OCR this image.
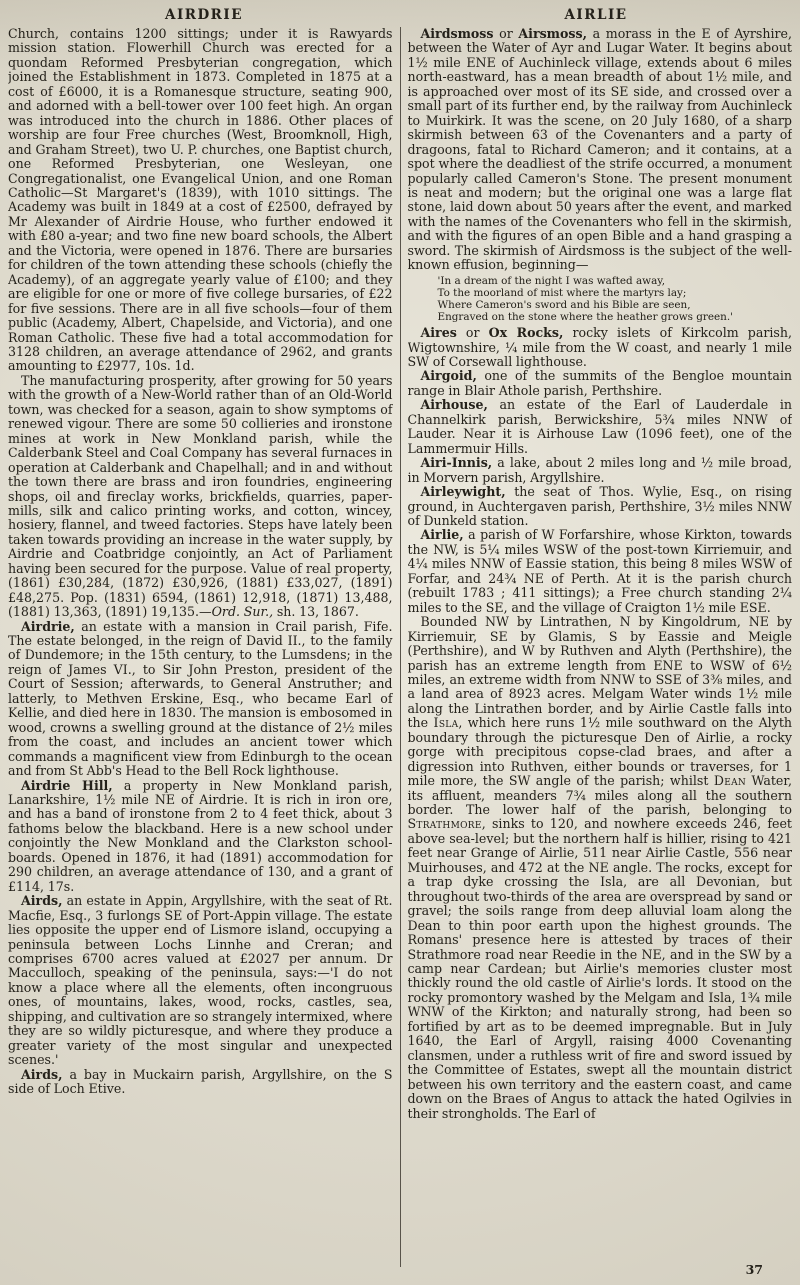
AIRDRIE	AIRLIE

Church, contains 1200 sittings; under it is Rawyards mission station. Flowerhill Church was erected for a quondam Reformed Presbyterian congregation, which joined the Establishment in 1873. Completed in 1875 at a cost of £6000, it is a Romanesque structure, seating 900, and adorned with a bell-tower over 100 feet high. An organ was introduced into the church in 1886. Other places of worship are four Free churches (West, Broomknoll, High, and Graham Street), two U. P. churches, one Baptist church, one Reformed Presbyterian, one Wesleyan, one Congregationalist, one Evangelical Union, and one Roman Catholic—St Margaret's (1839), with 1010 sittings. The Academy was built in 1849 at a cost of £2500, defrayed by Mr Alexander of Airdrie House, who further endowed it with £80 a-year; and two fine new board schools, the Albert and the Victoria, were opened in 1876. There are bursaries for children of the town attending these schools (chiefly the Academy), of an aggregate yearly value of £100; and they are eligible for one or more of five college bursaries, of £22 for five sessions. There are in all five schools—four of them public (Academy, Albert, Chapelside, and Victoria), and one Roman Catholic. These five had a total accommodation for 3128 children, an average attendance of 2962, and grants amounting to £2977, 10s. 1d.

The manufacturing prosperity, after growing for 50 years with the growth of a New-World rather than of an Old-World town, was checked for a season, again to show symptoms of renewed vigour. There are some 50 collieries and ironstone mines at work in New Monkland parish, while the Calderbank Steel and Coal Company has several furnaces in operation at Calderbank and Chapelhall; and in and without the town there are brass and iron foundries, engineering shops, oil and fireclay works, brickfields, quarries, paper-mills, silk and calico printing works, and cotton, wincey, hosiery, flannel, and tweed factories. Steps have lately been taken towards providing an increase in the water supply, by Airdrie and Coatbridge conjointly, an Act of Parliament having been secured for the purpose. Value of real property, (1861) £30,284, (1872) £30,926, (1881) £33,027, (1891) £48,275. Pop. (1831) 6594, (1861) 12,918, (1871) 13,488, (1881) 13,363, (1891) 19,135.—Ord. Sur., sh. 13, 1867.

Airdrie, an estate with a mansion in Crail parish, Fife. The estate belonged, in the reign of David II., to the family of Dundemore; in the 15th century, to the Lumsdens; in the reign of James VI., to Sir John Preston, president of the Court of Session; afterwards, to General Anstruther; and latterly, to Methven Erskine, Esq., who became Earl of Kellie, and died here in 1830. The mansion is embosomed in wood, crowns a swelling ground at the distance of 2½ miles from the coast, and includes an ancient tower which commands a magnificent view from Edinburgh to the ocean and from St Abb's Head to the Bell Rock lighthouse.

Airdrie Hill, a property in New Monkland parish, Lanarkshire, 1½ mile NE of Airdrie. It is rich in iron ore, and has a band of ironstone from 2 to 4 feet thick, about 3 fathoms below the blackband. Here is a new school under conjointly the New Monkland and the Clarkston school-boards. Opened in 1876, it had (1891) accommodation for 290 children, an average attendance of 130, and a grant of £114, 17s.

Airds, an estate in Appin, Argyllshire, with the seat of Rt. Macfie, Esq., 3 furlongs SE of Port-Appin village. The estate lies opposite the upper end of Lismore island, occupying a peninsula between Lochs Linnhe and Creran; and comprises 6700 acres valued at £2027 per annum. Dr Macculloch, speaking of the peninsula, says:—'I do not know a place where all the elements, often incongruous ones, of mountains, lakes, wood, rocks, castles, sea, shipping, and cultivation are so strangely intermixed, where they are so wildly picturesque, and where they produce a greater variety of the most singular and unexpected scenes.'

Airds, a bay in Muckairn parish, Argyllshire, on the S side of Loch Etive.

Airdsmoss or Airsmoss, a morass in the E of Ayrshire, between the Water of Ayr and Lugar Water. It begins about 1½ mile ENE of Auchinleck village, extends about 6 miles north-eastward, has a mean breadth of about 1½ mile, and is approached over most of its SE side, and crossed over a small part of its further end, by the railway from Auchinleck to Muirkirk. It was the scene, on 20 July 1680, of a sharp skirmish between 63 of the Covenanters and a party of dragoons, fatal to Richard Cameron; and it contains, at a spot where the deadliest of the strife occurred, a monument popularly called Cameron's Stone. The present monument is neat and modern; but the original one was a large flat stone, laid down about 50 years after the event, and marked with the names of the Covenanters who fell in the skirmish, and with the figures of an open Bible and a hand grasping a sword. The skirmish of Airdsmoss is the subject of the well-known effusion, beginning—

'In a dream of the night I was wafted away,
To the moorland of mist where the martyrs lay;
Where Cameron's sword and his Bible are seen,
Engraved on the stone where the heather grows green.'

Aires or Ox Rocks, rocky islets of Kirkcolm parish, Wigtownshire, ¼ mile from the W coast, and nearly 1 mile SW of Corsewall lighthouse.

Airgoid, one of the summits of the Bengloe mountain range in Blair Athole parish, Perthshire.

Airhouse, an estate of the Earl of Lauderdale in Channelkirk parish, Berwickshire, 5¾ miles NNW of Lauder. Near it is Airhouse Law (1096 feet), one of the Lammermuir Hills.

Airi-Innis, a lake, about 2 miles long and ½ mile broad, in Morvern parish, Argyllshire.

Airleywight, the seat of Thos. Wylie, Esq., on rising ground, in Auchtergaven parish, Perthshire, 3½ miles NNW of Dunkeld station.

Airlie, a parish of W Forfarshire, whose Kirkton, towards the NW, is 5¼ miles WSW of the post-town Kirriemuir, and 4¼ miles NNW of Eassie station, this being 8 miles WSW of Forfar, and 24¾ NE of Perth. At it is the parish church (rebuilt 1783 ; 411 sittings); a Free church standing 2¼ miles to the SE, and the village of Craigton 1½ mile ESE.

Bounded NW by Lintrathen, N by Kingoldrum, NE by Kirriemuir, SE by Glamis, S by Eassie and Meigle (Perthshire), and W by Ruthven and Alyth (Perthshire), the parish has an extreme length from ENE to WSW of 6½ miles, an extreme width from NNW to SSE of 3⅜ miles, and a land area of 8923 acres. Melgam Water winds 1½ mile along the Lintrathen border, and by Airlie Castle falls into the Isla, which here runs 1½ mile southward on the Alyth boundary through the picturesque Den of Airlie, a rocky gorge with precipitous copse-clad braes, and after a digression into Ruthven, either bounds or traverses, for 1 mile more, the SW angle of the parish; whilst Dean Water, its affluent, meanders 7¾ miles along all the southern border. The lower half of the parish, belonging to Strathmore, sinks to 120, and nowhere exceeds 246, feet above sea-level; but the northern half is hillier, rising to 421 feet near Grange of Airlie, 511 near Airlie Castle, 556 near Muirhouses, and 472 at the NE angle. The rocks, except for a trap dyke crossing the Isla, are all Devonian, but throughout two-thirds of the area are overspread by sand or gravel; the soils range from deep alluvial loam along the Dean to thin poor earth upon the highest grounds. The Romans' presence here is attested by traces of their Strathmore road near Reedie in the NE, and in the SW by a camp near Cardean; but Airlie's memories cluster most thickly round the old castle of Airlie's lords. It stood on the rocky promontory washed by the Melgam and Isla, 1¾ mile WNW of the Kirkton; and naturally strong, had been so fortified by art as to be deemed impregnable. But in July 1640, the Earl of Argyll, raising 4000 Covenanting clansmen, under a ruthless writ of fire and sword issued by the Committee of Estates, swept all the mountain district between his own territory and the eastern coast, and came down on the Braes of Angus to attack the hated Ogilvies in their strongholds. The Earl of

37
